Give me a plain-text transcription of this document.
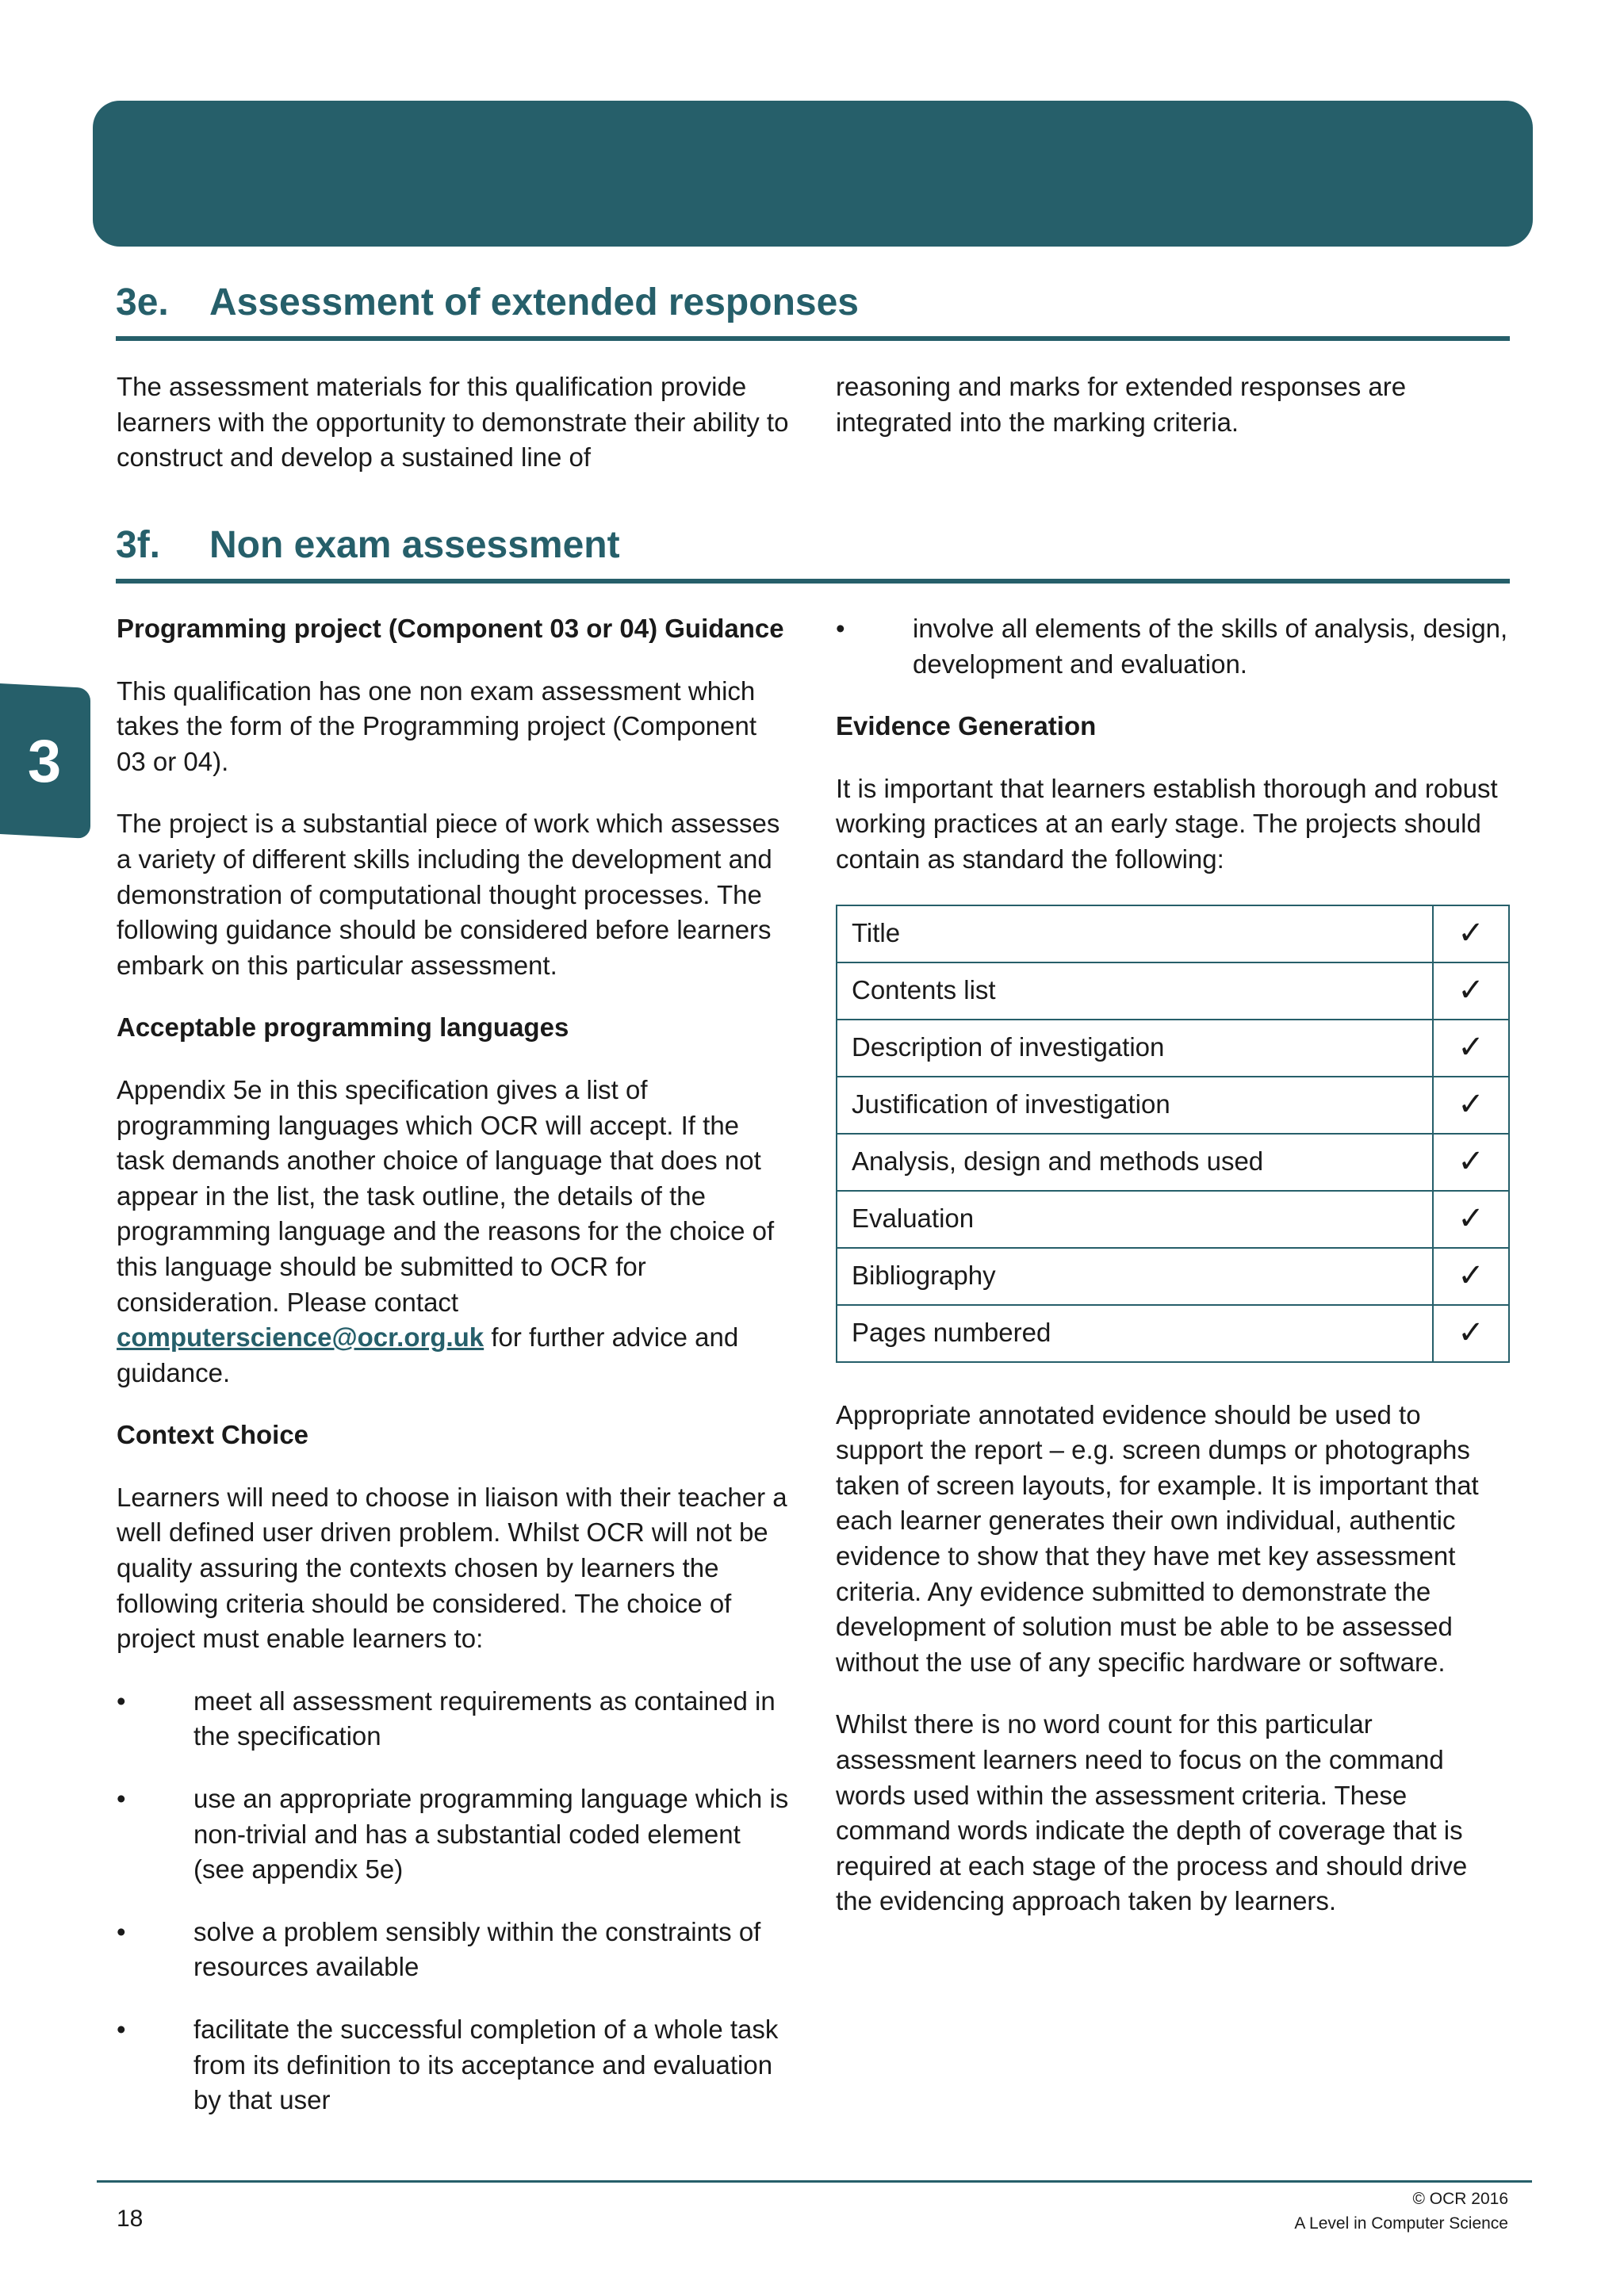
3
3e. Assessment of extended responses

The assessment materials for this qualification provide learners with the opportunity to demonstrate their ability to construct and develop a sustained line of

reasoning and marks for extended responses are integrated into the marking criteria.

3f. Non exam assessment

Programming project (Component 03 or 04) Guidance

This qualification has one non exam assessment which takes the form of the Programming project (Component 03 or 04).

The project is a substantial piece of work which assesses a variety of different skills including the development and demonstration of computational thought processes. The following guidance should be considered before learners embark on this particular assessment.

Acceptable programming languages

Appendix 5e in this specification gives a list of programming languages which OCR will accept. If the task demands another choice of language that does not appear in the list, the task outline, the details of the programming language and the reasons for the choice of this language should be submitted to OCR for consideration. Please contact
computerscience@ocr.org.uk for further advice and guidance.

Context Choice

Learners will need to choose in liaison with their teacher a well defined user driven problem. Whilst OCR will not be quality assuring the contexts chosen by learners the following criteria should be considered. The choice of project must enable learners to:

•	meet all assessment requirements as contained in the specification
•	use an appropriate programming language which is non-trivial and has a substantial coded element (see appendix 5e)
•	solve a problem sensibly within the constraints of resources available
•	facilitate the successful completion of a whole task from its definition to its acceptance and evaluation by that user
•	involve all elements of the skills of analysis, design, development and evaluation.

Evidence Generation

It is important that learners establish thorough and robust working practices at an early stage. The projects should contain as standard the following:

Title	✓
Contents list	✓
Description of investigation	✓
Justification of investigation	✓
Analysis, design and methods used	✓
Evaluation	✓
Bibliography	✓
Pages numbered	✓

Appropriate annotated evidence should be used to support the report – e.g. screen dumps or photographs taken of screen layouts, for example. It is important that each learner generates their own individual, authentic evidence to show that they have met key assessment criteria. Any evidence submitted to demonstrate the development of solution must be able to be assessed without the use of any specific hardware or software.

Whilst there is no word count for this particular assessment learners need to focus on the command words used within the assessment criteria. These command words indicate the depth of coverage that is required at each stage of the process and should drive the evidencing approach taken by learners.

18
© OCR 2016
A Level in Computer Science
